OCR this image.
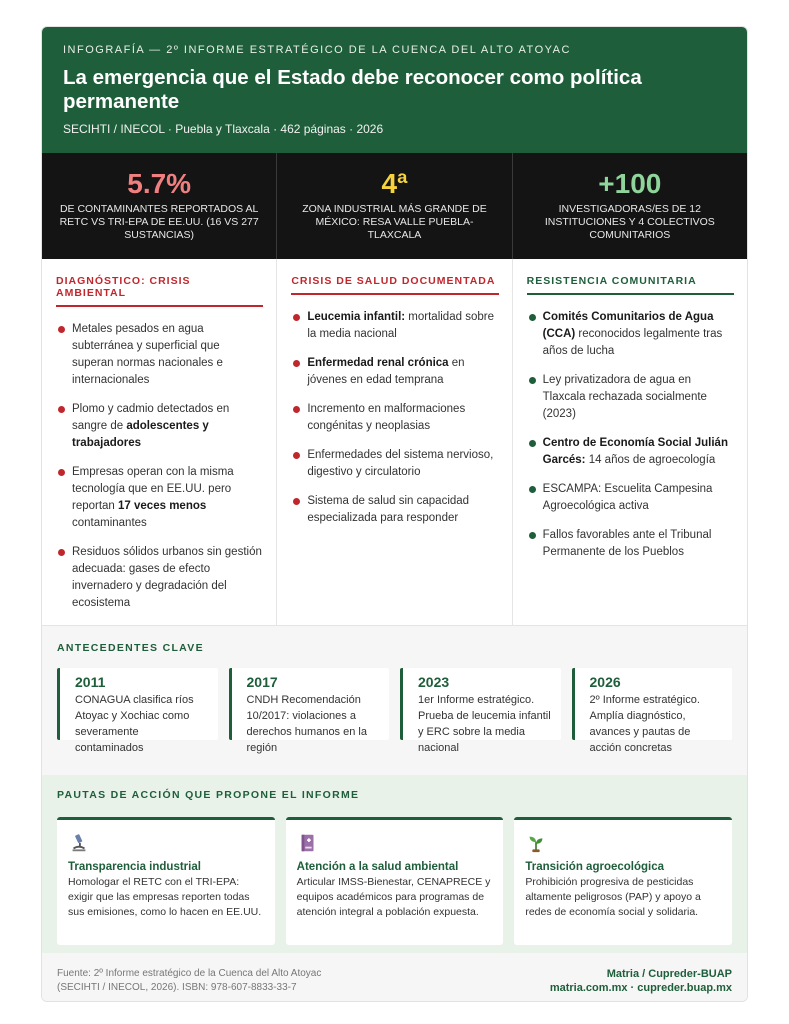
INFOGRAFÍA — 2º INFORME ESTRATÉGICO DE LA CUENCA DEL ALTO ATOYAC
La emergencia que el Estado debe reconocer como política permanente
SECIHTI / INECOL · Puebla y Tlaxcala · 462 páginas · 2026
5.7%
DE CONTAMINANTES REPORTADOS AL RETC VS TRI-EPA DE EE.UU. (16 VS 277 SUSTANCIAS)
4ª
ZONA INDUSTRIAL MÁS GRANDE DE MÉXICO: RESA VALLE PUEBLA-TLAXCALA
+100
INVESTIGADORAS/ES DE 12 INSTITUCIONES Y 4 COLECTIVOS COMUNITARIOS
DIAGNÓSTICO: CRISIS AMBIENTAL
Metales pesados en agua subterránea y superficial que superan normas nacionales e internacionales
Plomo y cadmio detectados en sangre de adolescentes y trabajadores
Empresas operan con la misma tecnología que en EE.UU. pero reportan 17 veces menos contaminantes
Residuos sólidos urbanos sin gestión adecuada: gases de efecto invernadero y degradación del ecosistema
CRISIS DE SALUD DOCUMENTADA
Leucemia infantil: mortalidad sobre la media nacional
Enfermedad renal crónica en jóvenes en edad temprana
Incremento en malformaciones congénitas y neoplasias
Enfermedades del sistema nervioso, digestivo y circulatorio
Sistema de salud sin capacidad especializada para responder
RESISTENCIA COMUNITARIA
Comités Comunitarios de Agua (CCA) reconocidos legalmente tras años de lucha
Ley privatizadora de agua en Tlaxcala rechazada socialmente (2023)
Centro de Economía Social Julián Garcés: 14 años de agroecología
ESCAMPA: Escuelita Campesina Agroecológica activa
Fallos favorables ante el Tribunal Permanente de los Pueblos
ANTECEDENTES CLAVE
2011
CONAGUA clasifica ríos Atoyac y Xochiac como severamente contaminados
2017
CNDH Recomendación 10/2017: violaciones a derechos humanos en la región
2023
1er Informe estratégico. Prueba de leucemia infantil y ERC sobre la media nacional
2026
2º Informe estratégico. Amplía diagnóstico, avances y pautas de acción concretas
PAUTAS DE ACCIÓN QUE PROPONE EL INFORME
Transparencia industrial
Homologar el RETC con el TRI-EPA: exigir que las empresas reporten todas sus emisiones, como lo hacen en EE.UU.
Atención a la salud ambiental
Articular IMSS-Bienestar, CENAPRECE y equipos académicos para programas de atención integral a población expuesta.
Transición agroecológica
Prohibición progresiva de pesticidas altamente peligrosos (PAP) y apoyo a redes de economía social y solidaria.
Fuente: 2º Informe estratégico de la Cuenca del Alto Atoyac (SECIHTI / INECOL, 2026). ISBN: 978-607-8833-33-7
Matria / Cupreder-BUAP
matria.com.mx · cupreder.buap.mx
